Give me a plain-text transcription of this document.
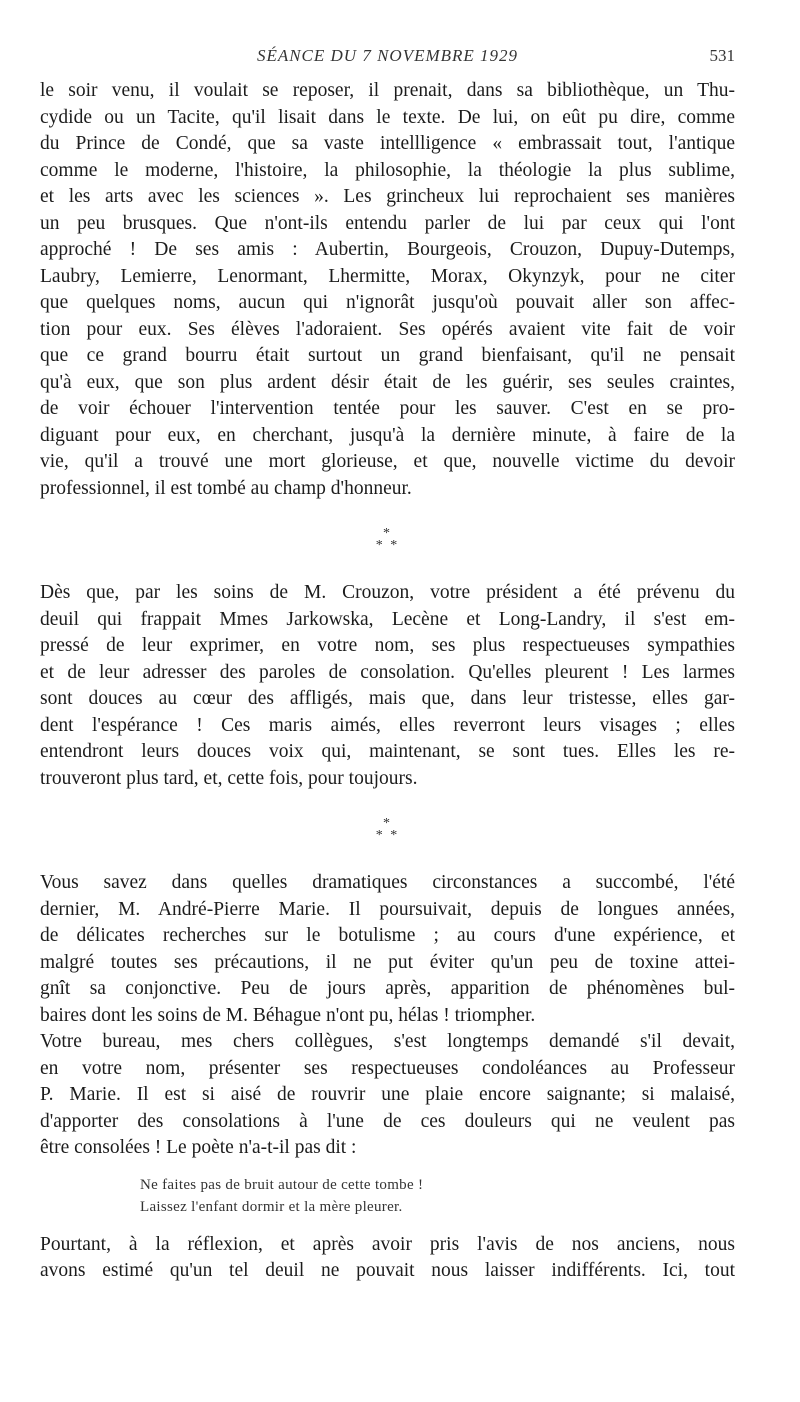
SÉANCE DU 7 NOVEMBRE 1929	531

le soir venu, il voulait se reposer, il prenait, dans sa bibliothèque, un Thu-
cydide ou un Tacite, qu'il lisait dans le texte. De lui, on eût pu dire, comme
du Prince de Condé, que sa vaste intellligence « embrassait tout, l'antique
comme le moderne, l'histoire, la philosophie, la théologie la plus sublime,
et les arts avec les sciences ». Les grincheux lui reprochaient ses manières
un peu brusques. Que n'ont-ils entendu parler de lui par ceux qui l'ont
approché ! De ses amis : Aubertin, Bourgeois, Crouzon, Dupuy-Dutemps,
Laubry, Lemierre, Lenormant, Lhermitte, Morax, Okynzyk, pour ne citer
que quelques noms, aucun qui n'ignorât jusqu'où pouvait aller son affec-
tion pour eux. Ses élèves l'adoraient. Ses opérés avaient vite fait de voir
que ce grand bourru était surtout un grand bienfaisant, qu'il ne pensait
qu'à eux, que son plus ardent désir était de les guérir, ses seules craintes,
de voir échouer l'intervention tentée pour les sauver. C'est en se pro-
diguant pour eux, en cherchant, jusqu'à la dernière minute, à faire de la
vie, qu'il a trouvé une mort glorieuse, et que, nouvelle victime du devoir
professionnel, il est tombé au champ d'honneur.

*
* *

Dès que, par les soins de M. Crouzon, votre président a été prévenu du
deuil qui frappait Mmes Jarkowska, Lecène et Long-Landry, il s'est em-
pressé de leur exprimer, en votre nom, ses plus respectueuses sympathies
et de leur adresser des paroles de consolation. Qu'elles pleurent ! Les larmes
sont douces au cœur des affligés, mais que, dans leur tristesse, elles gar-
dent l'espérance ! Ces maris aimés, elles reverront leurs visages ; elles
entendront leurs douces voix qui, maintenant, se sont tues. Elles les re-
trouveront plus tard, et, cette fois, pour toujours.

*
* *

Vous savez dans quelles dramatiques circonstances a succombé, l'été
dernier, M. André-Pierre Marie. Il poursuivait, depuis de longues années,
de délicates recherches sur le botulisme ; au cours d'une expérience, et
malgré toutes ses précautions, il ne put éviter qu'un peu de toxine attei-
gnît sa conjonctive. Peu de jours après, apparition de phénomènes bul-
baires dont les soins de M. Béhague n'ont pu, hélas ! triompher.

Votre bureau, mes chers collègues, s'est longtemps demandé s'il devait,
en votre nom, présenter ses respectueuses condoléances au Professeur
P. Marie. Il est si aisé de rouvrir une plaie encore saignante; si malaisé,
d'apporter des consolations à l'une de ces douleurs qui ne veulent pas
être consolées ! Le poète n'a-t-il pas dit :

Ne faites pas de bruit autour de cette tombe !
Laissez l'enfant dormir et la mère pleurer.

Pourtant, à la réflexion, et après avoir pris l'avis de nos anciens, nous
avons estimé qu'un tel deuil ne pouvait nous laisser indifférents. Ici, tout
